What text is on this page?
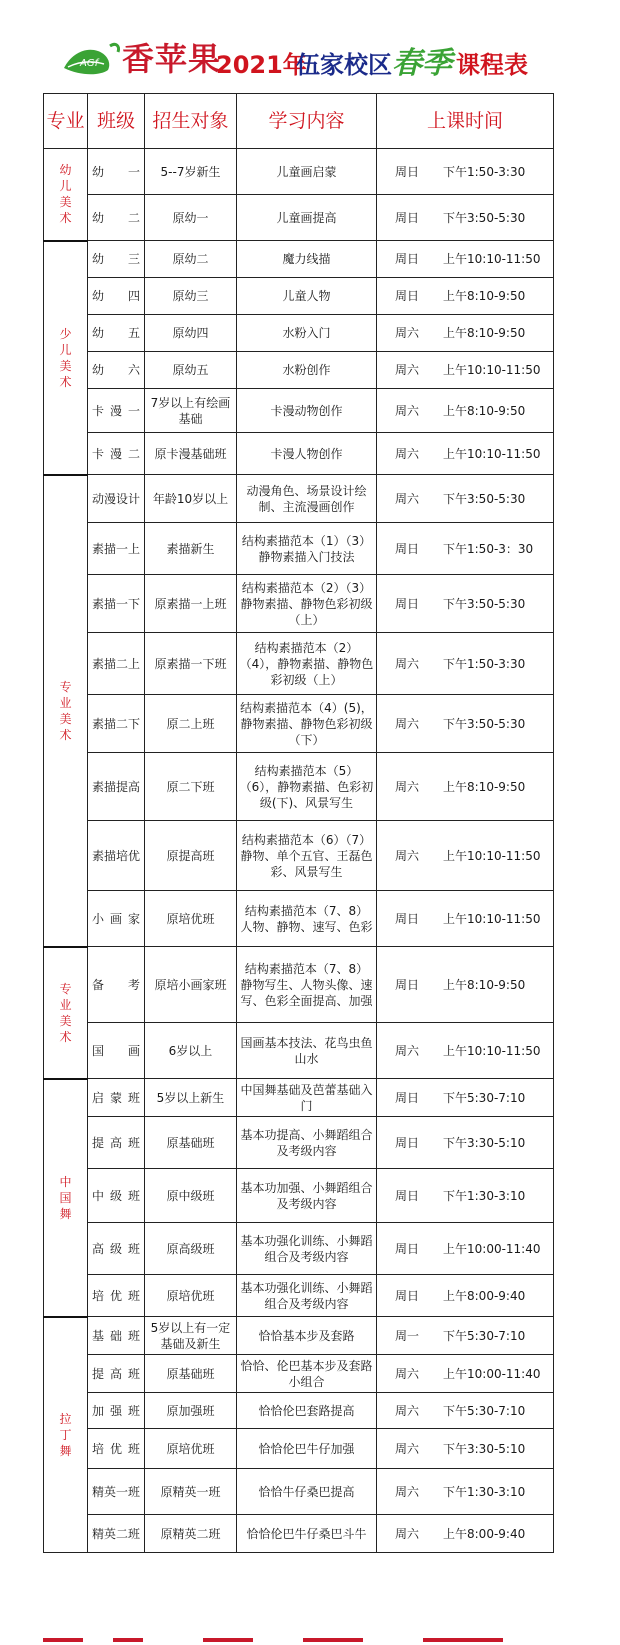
AGf 香苹果
2021年
伍家校区 春季 课程表
专业	班级	招生对象	学习内容	上课时间

幼
儿
美
术	幼 一	5--7岁新生	儿童画启蒙	周日 下午1:50-3:30
	幼 二	原幼一	儿童画提高	周日 下午3:50-5:30

少
儿
美
术	幼 三	原幼二	魔力线描	周日 上午10:10-11:50
	幼 四	原幼三	儿童人物	周日 上午8:10-9:50
	幼 五	原幼四	水粉入门	周六 上午8:10-9:50
	幼 六	原幼五	水粉创作	周六 上午10:10-11:50
	卡 漫 一	7岁以上有绘画基础	卡漫动物创作	周六 上午8:10-9:50
	卡 漫 二	原卡漫基础班	卡漫人物创作	周六 上午10:10-11:50

专
业
美
术	动漫设计	年龄10岁以上	动漫角色、场景设计绘制、主流漫画创作	周六 下午3:50-5:30
	素描一上	素描新生	结构素描范本（1）（3）静物素描入门技法	周日 下午1:50-3：30
	素描一下	原素描一上班	结构素描范本（2）（3）静物素描、静物色彩初级（上）	周日 下午3:50-5:30
	素描二上	原素描一下班	结构素描范本（2）（4），静物素描、静物色彩初级（上）	周六 下午1:50-3:30
	素描二下	原二上班	结构素描范本（4）(5)，静物素描、静物色彩初级（下）	周六 下午3:50-5:30
	素描提高	原二下班	结构素描范本（5）（6），静物素描、色彩初级(下)、风景写生	周六 上午8:10-9:50
	素描培优	原提高班	结构素描范本（6）（7）静物、单个五官、王磊色彩、风景写生	周六 上午10:10-11:50
	小 画 家	原培优班	结构素描范本（7、8）人物、静物、速写、色彩	周日 上午10:10-11:50

专
业
美
术	备 考	原培小画家班	结构素描范本（7、8）静物写生、人物头像、速写、色彩全面提高、加强	周日 上午8:10-9:50
	国 画	6岁以上	国画基本技法、花鸟虫鱼山水	周六 上午10:10-11:50

中
国
舞	启 蒙 班	5岁以上新生	中国舞基础及芭蕾基础入门	周日 下午5:30-7:10
	提 高 班	原基础班	基本功提高、小舞蹈组合及考级内容	周日 下午3:30-5:10
	中 级 班	原中级班	基本功加强、小舞蹈组合及考级内容	周日 下午1:30-3:10
	高 级 班	原高级班	基本功强化训练、小舞蹈组合及考级内容	周日 上午10:00-11:40
	培 优 班	原培优班	基本功强化训练、小舞蹈组合及考级内容	周日 上午8:00-9:40

拉
丁
舞	基 础 班	5岁以上有一定基础及新生	恰恰基本步及套路	周一 下午5:30-7:10
	提 高 班	原基础班	恰恰、伦巴基本步及套路小组合	周六 上午10:00-11:40
	加 强 班	原加强班	恰恰伦巴套路提高	周六 下午5:30-7:10
	培 优 班	原培优班	恰恰伦巴牛仔加强	周六 下午3:30-5:10
	精英一班	原精英一班	恰恰牛仔桑巴提高	周六 下午1:30-3:10
	精英二班	原精英二班	恰恰伦巴牛仔桑巴斗牛	周六 上午8:00-9:40
